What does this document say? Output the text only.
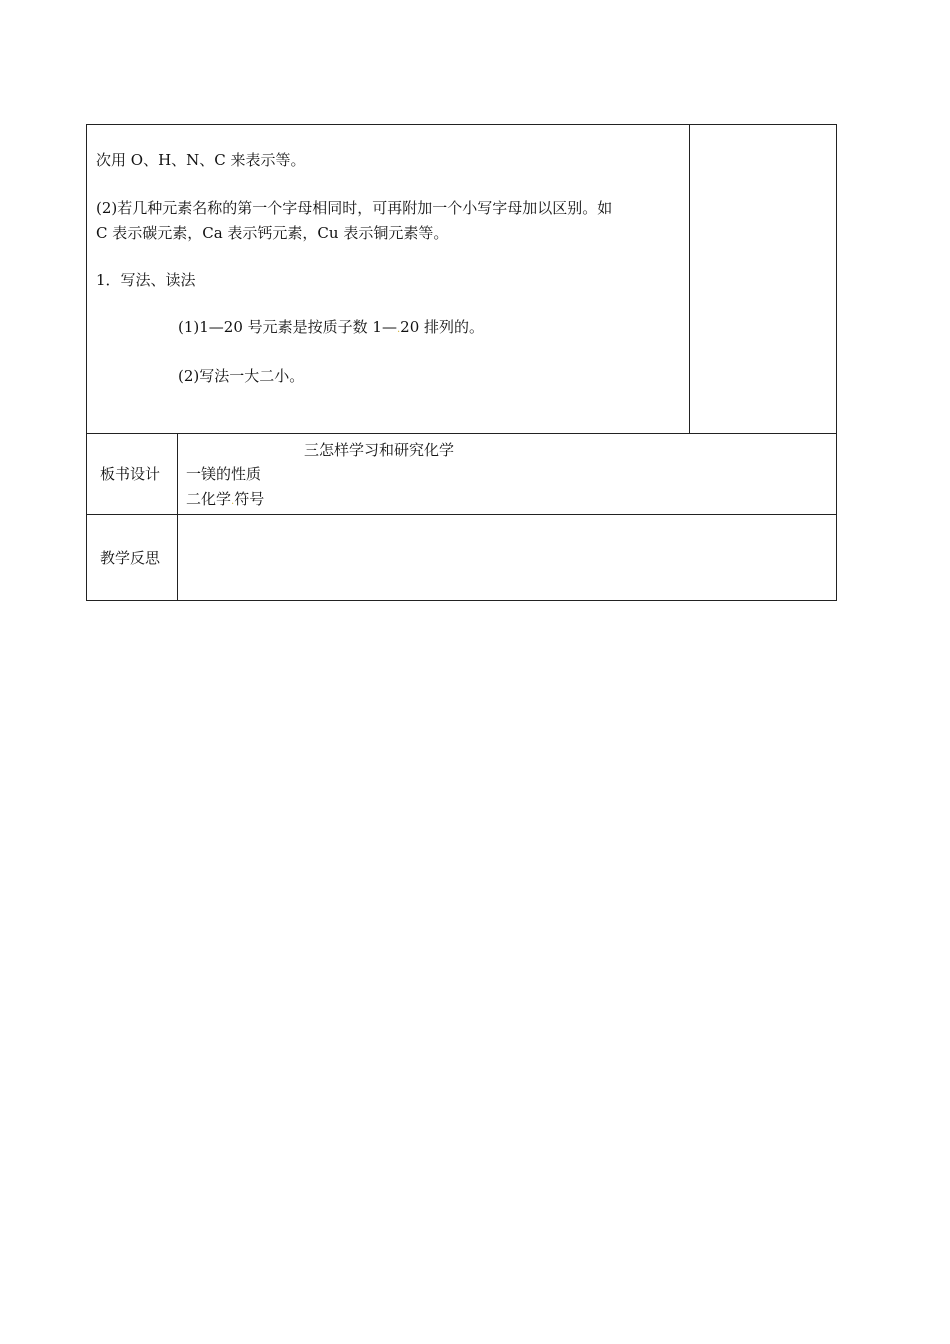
次用 O、H、N、C 来表示等。
(2)若几种元素名称的第一个字母相同时，可再附加一个小写字母加以区别。如
C 表示碳元素，Ca 表示钙元素，Cu 表示铜元素等。
1．写法、读法
(1)1—20 号元素是按质子数 1—.20 排列的。
(2)写法一大二小。
板书设计
三怎样学习和研究化学
一镁的性质
二化学.符号
教学反思
